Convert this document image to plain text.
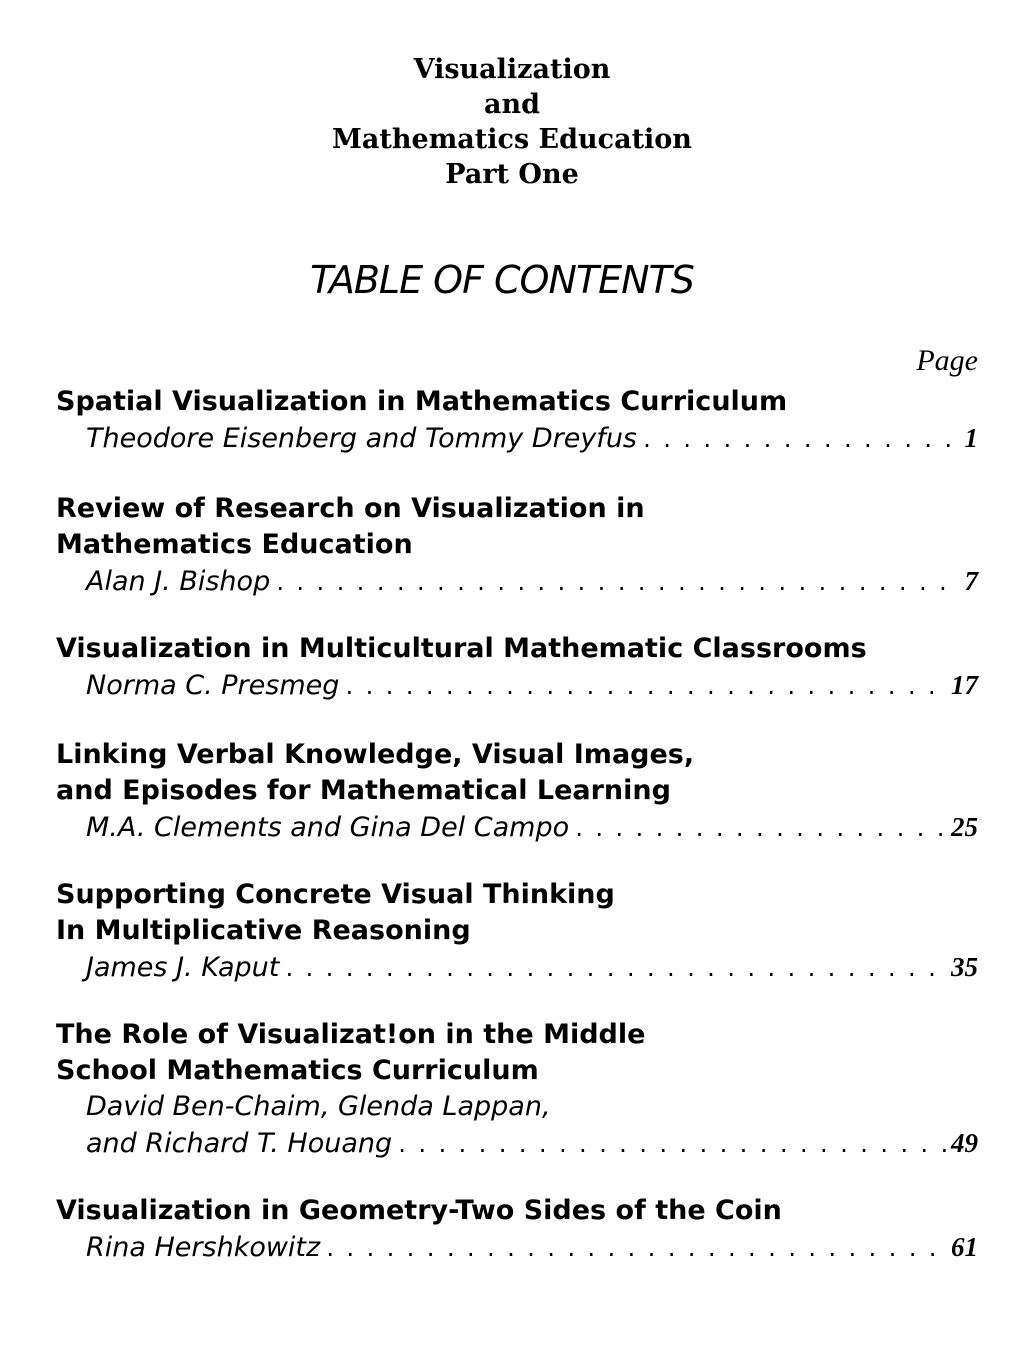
Visualization
and
Mathematics Education
Part One
TABLE OF CONTENTS
Page
Spatial Visualization in Mathematics Curriculum
Theodore Eisenberg and Tommy Dreyfus . . .	1
Review of Research on Visualization in
Mathematics Education
Alan J. Bishop . . .	7
Visualization in Multicultural Mathematic Classrooms
Norma C. Presmeg . . .	17
Linking Verbal Knowledge, Visual Images,
and Episodes for Mathematical Learning
M.A. Clements and Gina Del Campo . . .	25
Supporting Concrete Visual Thinking
In Multiplicative Reasoning
James J. Kaput . . .	35
The Role of Visualizat!on in the Middle
School Mathematics Curriculum
David Ben-Chaim, Glenda Lappan,
and Richard T. Houang . . .	49
Visualization in Geometry-Two Sides of the Coin
Rina Hershkowitz . . .	61
